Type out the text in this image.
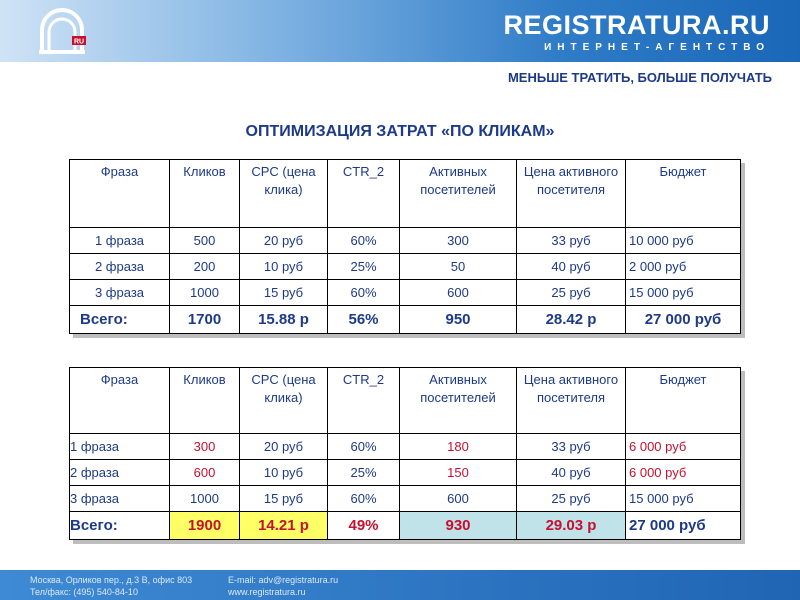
RU
REGISTRATURA.RU
ИНТЕРНЕТ-АГЕНТСТВО
МЕНЬШЕ ТРАТИТЬ, БОЛЬШЕ ПОЛУЧАТЬ
ОПТИМИЗАЦИЯ ЗАТРАТ «ПО КЛИКАМ»
Фраза	Кликов	CPC (цена клика)	CTR_2	Активных посетителей	Цена активного посетителя	Бюджет
1 фраза	500	20 руб	60%	300	33 руб	10 000 руб
2 фраза	200	10 руб	25%	50	40 руб	2 000 руб
3 фраза	1000	15 руб	60%	600	25 руб	15 000 руб
Всего:	1700	15.88 р	56%	950	28.42 р	27 000 руб
Фраза	Кликов	CPC (цена клика)	CTR_2	Активных посетителей	Цена активного посетителя	Бюджет
1 фраза	300	20 руб	60%	180	33 руб	6 000 руб
2 фраза	600	10 руб	25%	150	40 руб	6 000 руб
3 фраза	1000	15 руб	60%	600	25 руб	15 000 руб
Всего:	1900	14.21 р	49%	930	29.03 р	27 000 руб
Москва, Орликов пер., д.3 В, офис 803
Тел/факс: (495) 540-84-10
E-mail: adv@registratura.ru
www.registratura.ru
